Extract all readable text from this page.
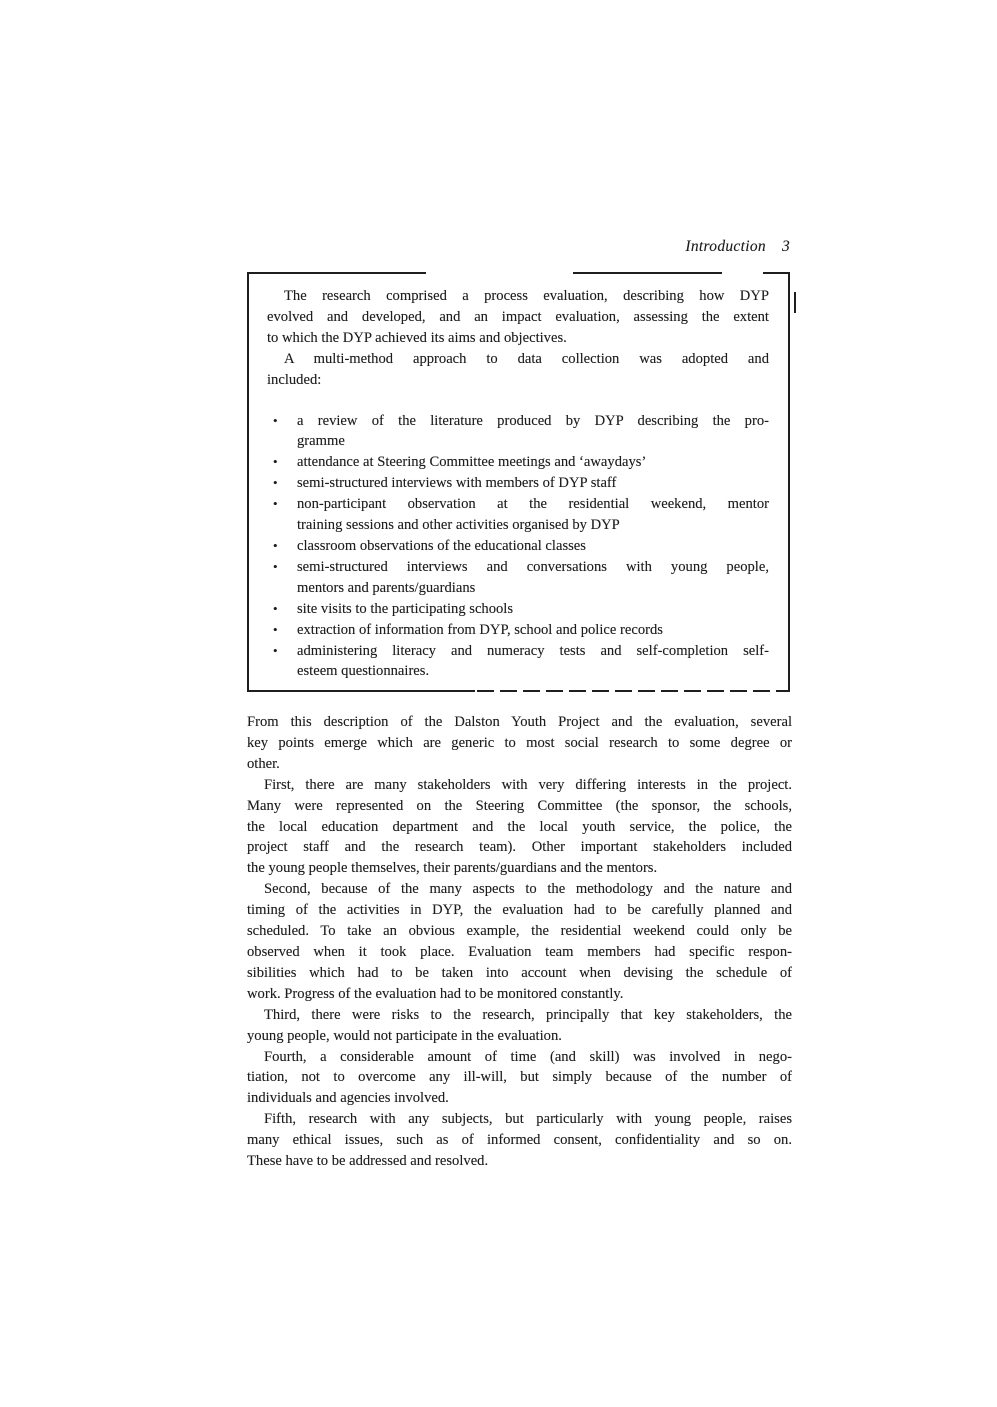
Introduction 3
The research comprised a process evaluation, describing how DYP
evolved and developed, and an impact evaluation, assessing the extent
to which the DYP achieved its aims and objectives.
A multi-method approach to data collection was adopted and
included:
•	a review of the literature produced by DYP describing the pro-
gramme
•	attendance at Steering Committee meetings and ‘awaydays’
•	semi-structured interviews with members of DYP staff
•	non-participant observation at the residential weekend, mentor
training sessions and other activities organised by DYP
•	classroom observations of the educational classes
•	semi-structured interviews and conversations with young people,
mentors and parents/guardians
•	site visits to the participating schools
•	extraction of information from DYP, school and police records
•	administering literacy and numeracy tests and self-completion self-
esteem questionnaires.
From this description of the Dalston Youth Project and the evaluation, several
key points emerge which are generic to most social research to some degree or
other.
First, there are many stakeholders with very differing interests in the project.
Many were represented on the Steering Committee (the sponsor, the schools,
the local education department and the local youth service, the police, the
project staff and the research team). Other important stakeholders included
the young people themselves, their parents/guardians and the mentors.
Second, because of the many aspects to the methodology and the nature and
timing of the activities in DYP, the evaluation had to be carefully planned and
scheduled. To take an obvious example, the residential weekend could only be
observed when it took place. Evaluation team members had specific respon-
sibilities which had to be taken into account when devising the schedule of
work. Progress of the evaluation had to be monitored constantly.
Third, there were risks to the research, principally that key stakeholders, the
young people, would not participate in the evaluation.
Fourth, a considerable amount of time (and skill) was involved in nego-
tiation, not to overcome any ill-will, but simply because of the number of
individuals and agencies involved.
Fifth, research with any subjects, but particularly with young people, raises
many ethical issues, such as of informed consent, confidentiality and so on.
These have to be addressed and resolved.
